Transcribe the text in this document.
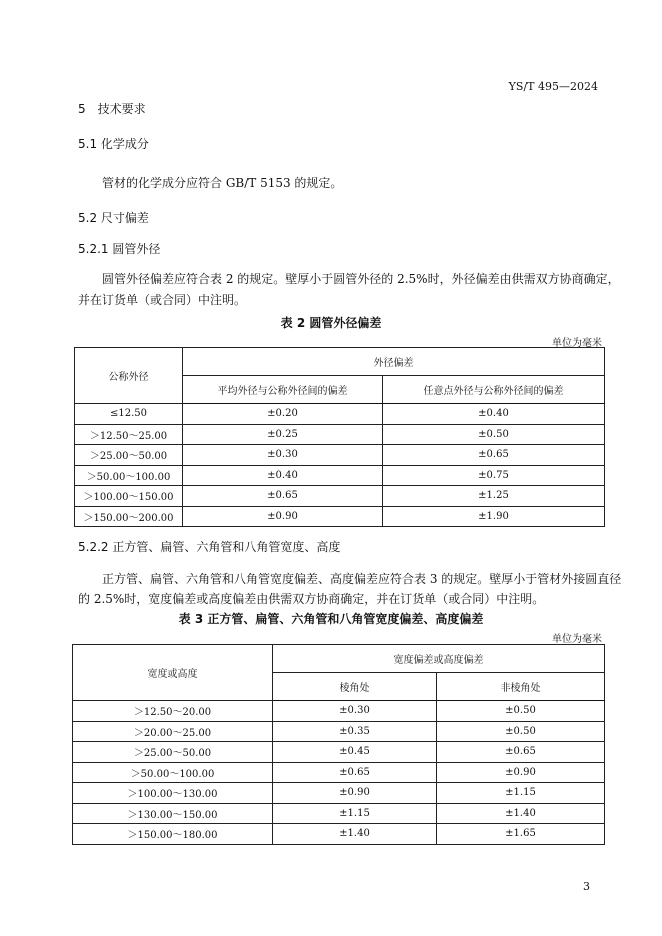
YS/T 495—2024
5　技术要求
5.1 化学成分
管材的化学成分应符合 GB/T 5153 的规定。
5.2 尺寸偏差
5.2.1 圆管外径
圆管外径偏差应符合表 2 的规定。壁厚小于圆管外径的 2.5%时，外径偏差由供需双方协商确定，
并在订货单（或合同）中注明。
表 2 圆管外径偏差
单位为毫米
公称外径	外径偏差	
	平均外径与公称外径间的偏差	任意点外径与公称外径间的偏差
≤12.50	±0.20	±0.40
＞12.50～25.00	±0.25	±0.50
＞25.00～50.00	±0.30	±0.65
＞50.00～100.00	±0.40	±0.75
＞100.00～150.00	±0.65	±1.25
＞150.00～200.00	±0.90	±1.90
5.2.2 正方管、扁管、六角管和八角管宽度、高度
正方管、扁管、六角管和八角管宽度偏差、高度偏差应符合表 3 的规定。壁厚小于管材外接圆直径
的 2.5%时，宽度偏差或高度偏差由供需双方协商确定，并在订货单（或合同）中注明。
表 3 正方管、扁管、六角管和八角管宽度偏差、高度偏差
单位为毫米
宽度或高度	宽度偏差或高度偏差	
	棱角处	非棱角处
＞12.50～20.00	±0.30	±0.50
＞20.00～25.00	±0.35	±0.50
＞25.00～50.00	±0.45	±0.65
＞50.00～100.00	±0.65	±0.90
＞100.00～130.00	±0.90	±1.15
＞130.00～150.00	±1.15	±1.40
＞150.00～180.00	±1.40	±1.65
3
